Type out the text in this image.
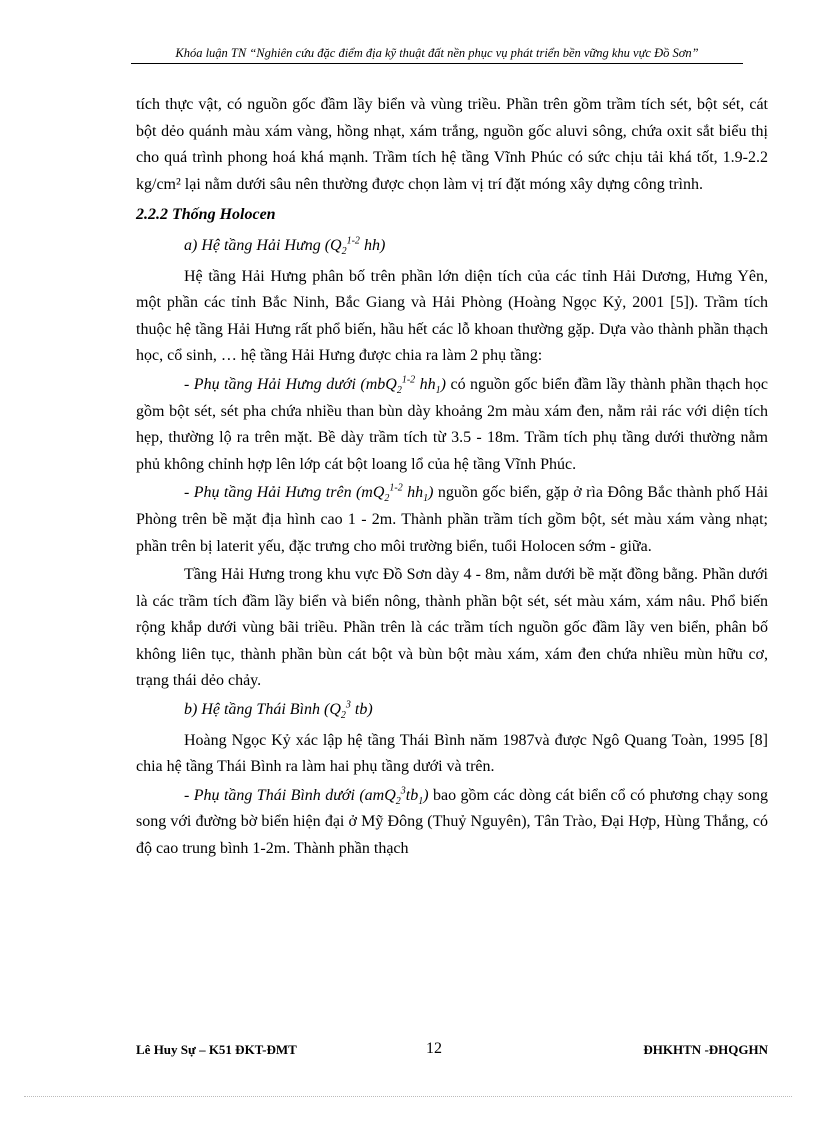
Khóa luận TN “Nghiên cứu đặc điểm địa kỹ thuật đất nền phục vụ phát triển bền vững khu vực Đồ Sơn”

tích thực vật, có nguồn gốc đầm lầy biển và vùng triều. Phần trên gồm trầm tích sét, bột sét, cát bột dẻo quánh màu xám vàng, hồng nhạt, xám trắng, nguồn gốc aluvi sông, chứa oxit sắt biểu thị cho quá trình phong hoá khá mạnh. Trầm tích hệ tầng Vĩnh Phúc có sức chịu tải khá tốt, 1.9-2.2 kg/cm² lại nằm dưới sâu nên thường được chọn làm vị trí đặt móng xây dựng công trình.

2.2.2 Thống Holocen

a) Hệ tầng Hải Hưng ($Q_2^{1-2}$ hh)

Hệ tầng Hải Hưng phân bố trên phần lớn diện tích của các tỉnh Hải Dương, Hưng Yên, một phần các tỉnh Bắc Ninh, Bắc Giang và Hải Phòng (Hoàng Ngọc Kỷ, 2001 [5]). Trầm tích thuộc hệ tầng Hải Hưng rất phổ biến, hầu hết các lỗ khoan thường gặp. Dựa vào thành phần thạch học, cổ sinh, … hệ tầng Hải Hưng được chia ra làm 2 phụ tầng:

- Phụ tầng Hải Hưng dưới (mbQ$_2^{1-2}$ $hh_1$) có nguồn gốc biển đầm lầy thành phần thạch học gồm bột sét, sét pha chứa nhiều than bùn dày khoảng 2m màu xám đen, nằm rải rác với diện tích hẹp, thường lộ ra trên mặt. Bề dày trầm tích từ 3.5 - 18m. Trầm tích phụ tầng dưới thường nằm phủ không chỉnh hợp lên lớp cát bột loang lổ của hệ tầng Vĩnh Phúc.

- Phụ tầng Hải Hưng trên ($mQ_2^{1-2}$ $hh_1$) nguồn gốc biển, gặp ở rìa Đông Bắc thành phố Hải Phòng trên bề mặt địa hình cao 1 - 2m. Thành phần trầm tích gồm bột, sét màu xám vàng nhạt; phần trên bị laterit yếu, đặc trưng cho môi trường biển, tuổi Holocen sớm - giữa.

Tầng Hải Hưng trong khu vực Đồ Sơn dày 4 - 8m, nằm dưới bề mặt đồng bằng. Phần dưới là các trầm tích đầm lầy biển và biển nông, thành phần bột sét, sét màu xám, xám nâu. Phổ biến rộng khắp dưới vùng bãi triều. Phần trên là các trầm tích nguồn gốc đầm lầy ven biển, phân bố không liên tục, thành phần bùn cát bột và bùn bột màu xám, xám đen chứa nhiều mùn hữu cơ, trạng thái dẻo chảy.

b) Hệ tầng Thái Bình ($Q_2^3$ tb)

Hoàng Ngọc Kỷ xác lập hệ tầng Thái Bình năm 1987và được Ngô Quang Toàn, 1995 [8] chia hệ tầng Thái Bình ra làm hai phụ tầng dưới và trên.

- Phụ tầng Thái Bình dưới $(amQ_2^3tb_1)$ bao gồm các dòng cát biển cổ có phương chạy song song với đường bờ biển hiện đại ở Mỹ Đông (Thuỷ Nguyên), Tân Trào, Đại Hợp, Hùng Thắng, có độ cao trung bình 1-2m. Thành phần thạch

Lê Huy Sự – K51 ĐKT-ĐMT	12	ĐHKHTN -ĐHQGHN
